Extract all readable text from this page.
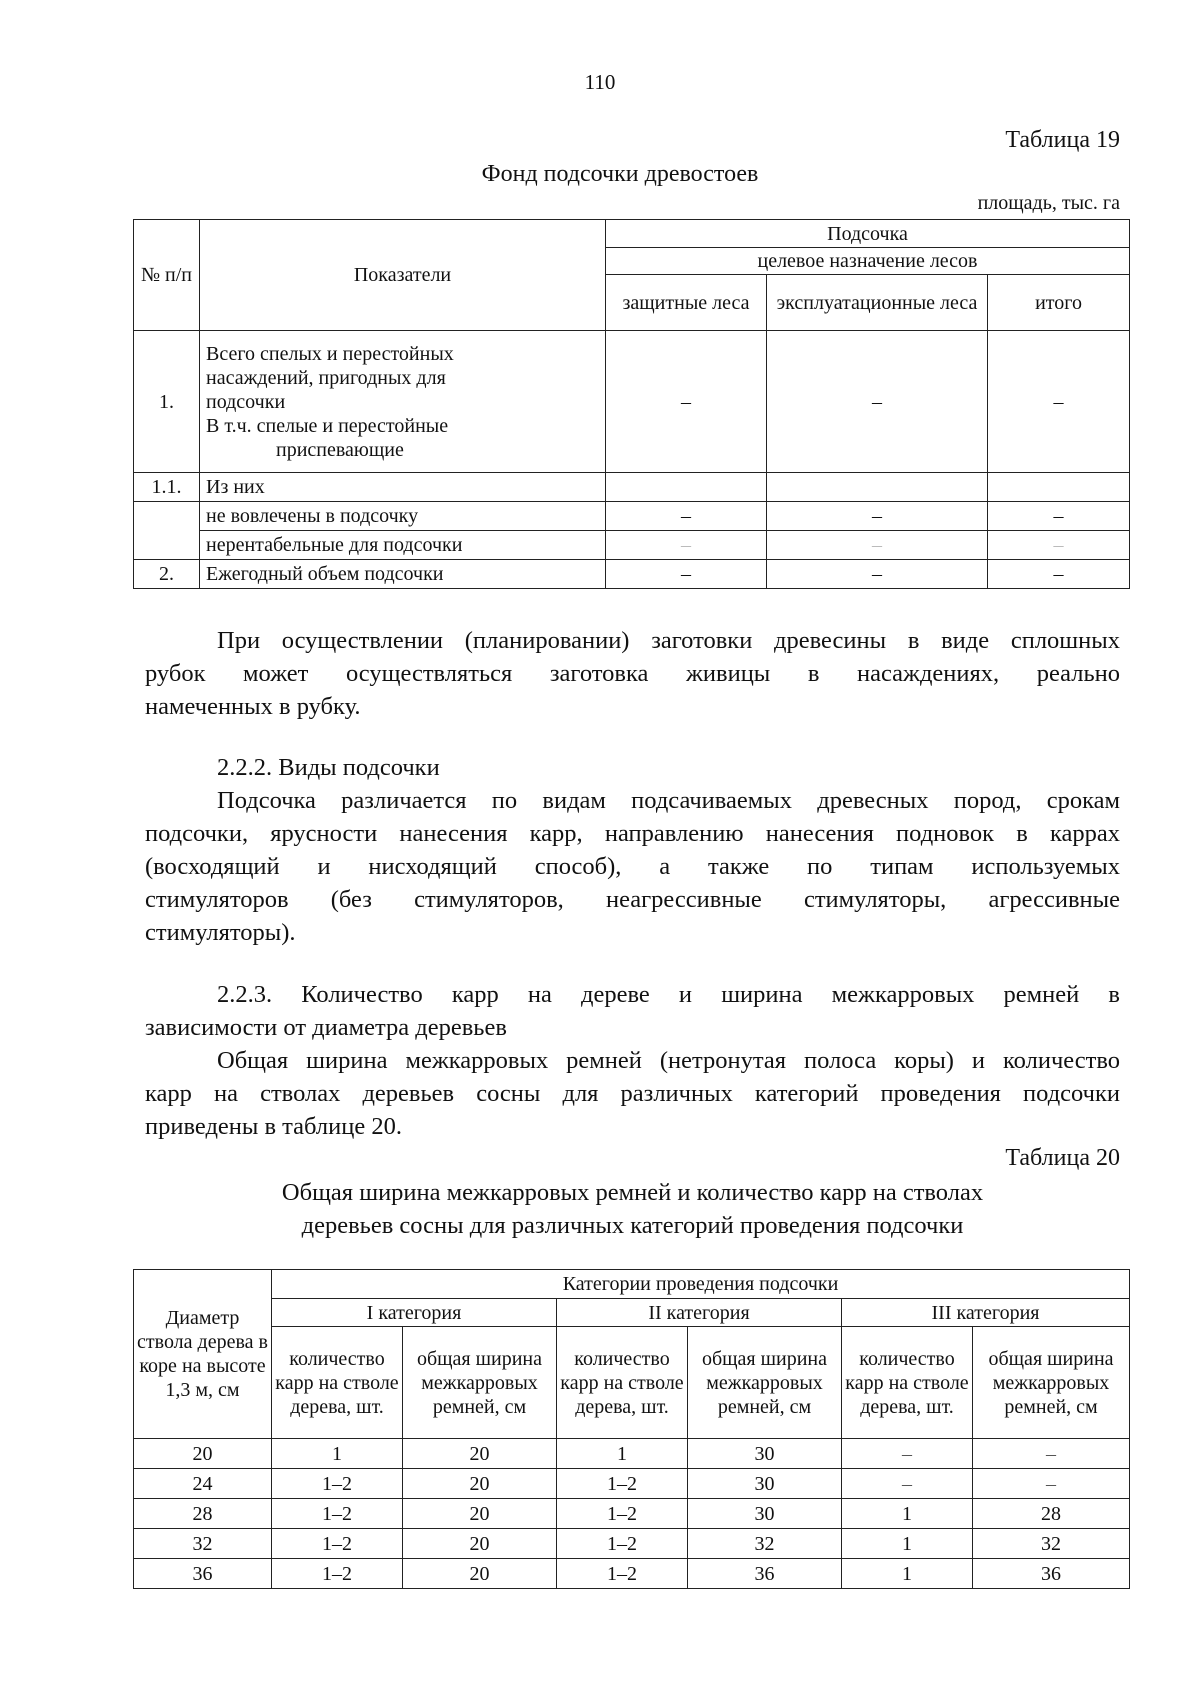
110
Таблица 19
Фонд подсочки древостоев
площадь, тыс. га
№ п/п	Показатели	Подсочка		
		целевое назначение лесов		
		защитные леса	эксплуатационные леса	итого
1.	Всего спелых и перестойных
насаждений, пригодных для
подсочки
В т.ч. спелые и перестойные
приспевающие	–	–	–
1.1.	Из них			
	не вовлечены в подсочку	–	–	–
	нерентабельные для подсочки	–	–	–
2.	Ежегодный объем подсочки	–	–	–
При осуществлении (планировании) заготовки древесины в виде сплошных
рубок может осуществляться заготовка живицы в насаждениях, реально
намеченных в рубку.
2.2.2. Виды подсочки
Подсочка различается по видам подсачиваемых древесных пород, срокам
подсочки, ярусности нанесения карр, направлению нанесения подновок в каррах
(восходящий и нисходящий способ), а также по типам используемых
стимуляторов (без стимуляторов, неагрессивные стимуляторы, агрессивные
стимуляторы).
2.2.3. Количество карр на дереве и ширина межкарровых ремней в
зависимости от диаметра деревьев
Общая ширина межкарровых ремней (нетронутая полоса коры) и количество
карр на стволах деревьев сосны для различных категорий проведения подсочки
приведены в таблице 20.
Таблица 20
Общая ширина межкарровых ремней и количество карр на стволах
деревьев сосны для различных категорий проведения подсочки
Диаметр ствола дерева в коре на высоте 1,3 м, см	Категории проведения подсочки					
	I категория		II категория		III категория	
	количество карр на стволе дерева, шт.	общая ширина межкарровых ремней, см	количество карр на стволе дерева, шт.	общая ширина межкарровых ремней, см	количество карр на стволе дерева, шт.	общая ширина межкарровых ремней, см
20	1	20	1	30	–	–
24	1–2	20	1–2	30	–	–
28	1–2	20	1–2	30	1	28
32	1–2	20	1–2	32	1	32
36	1–2	20	1–2	36	1	36
